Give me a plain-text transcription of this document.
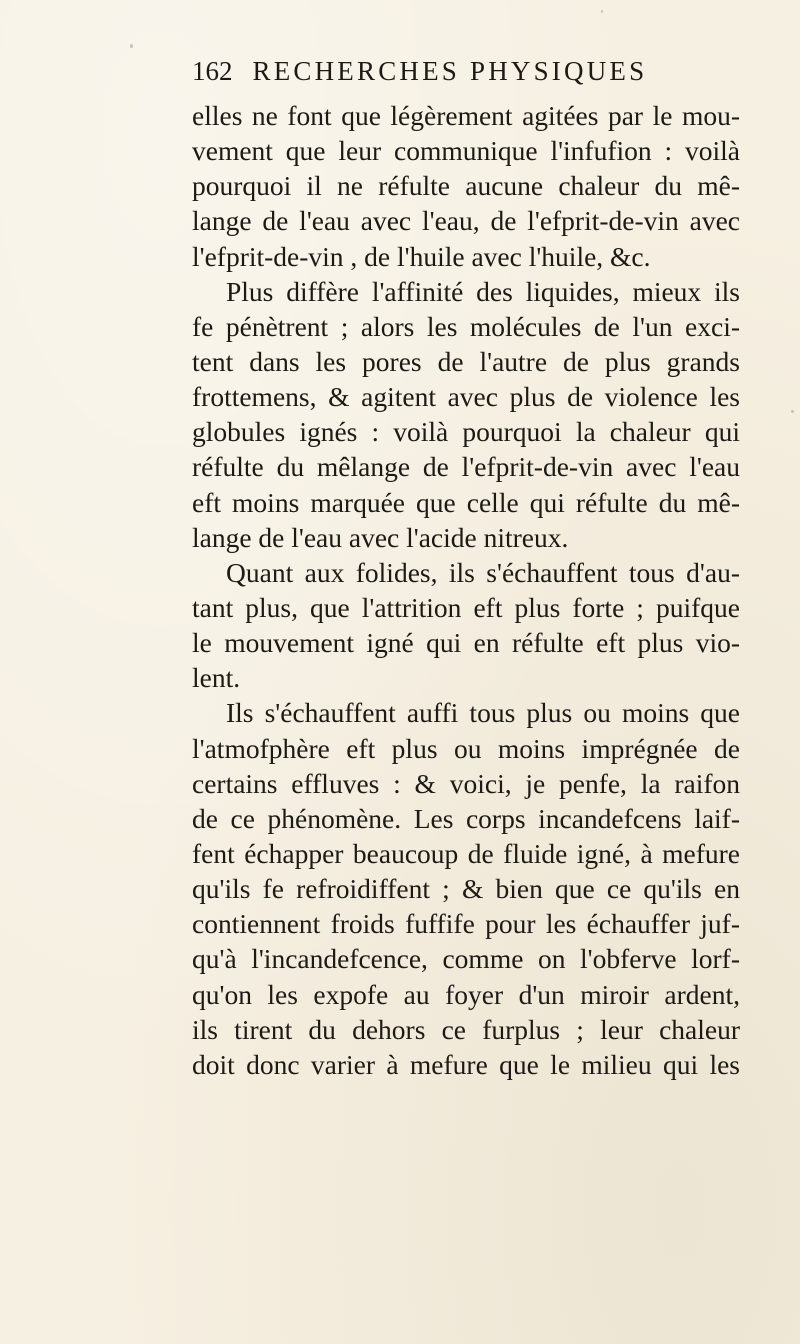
162 RECHERCHES PHYSIQUES
elles ne font que légèrement agitées par le mou-
vement que leur communique l'infufion : voilà
pourquoi il ne réfulte aucune chaleur du mê-
lange de l'eau avec l'eau, de l'efprit-de-vin avec
l'efprit-de-vin , de l'huile avec l'huile, &c.
Plus diffère l'affinité des liquides, mieux ils
fe pénètrent ; alors les molécules de l'un exci-
tent dans les pores de l'autre de plus grands
frottemens, & agitent avec plus de violence les
globules ignés : voilà pourquoi la chaleur qui
réfulte du mêlange de l'efprit-de-vin avec l'eau
eft moins marquée que celle qui réfulte du mê-
lange de l'eau avec l'acide nitreux.
Quant aux folides, ils s'échauffent tous d'au-
tant plus, que l'attrition eft plus forte ; puifque
le mouvement igné qui en réfulte eft plus vio-
lent.
Ils s'échauffent auffi tous plus ou moins que
l'atmofphère eft plus ou moins imprégnée de
certains effluves : & voici, je penfe, la raifon
de ce phénomène. Les corps incandefcens laif-
fent échapper beaucoup de fluide igné, à mefure
qu'ils fe refroidiffent ; & bien que ce qu'ils en
contiennent froids fuffife pour les échauffer juf-
qu'à l'incandefcence, comme on l'obferve lorf-
qu'on les expofe au foyer d'un miroir ardent,
ils tirent du dehors ce furplus ; leur chaleur
doit donc varier à mefure que le milieu qui les
